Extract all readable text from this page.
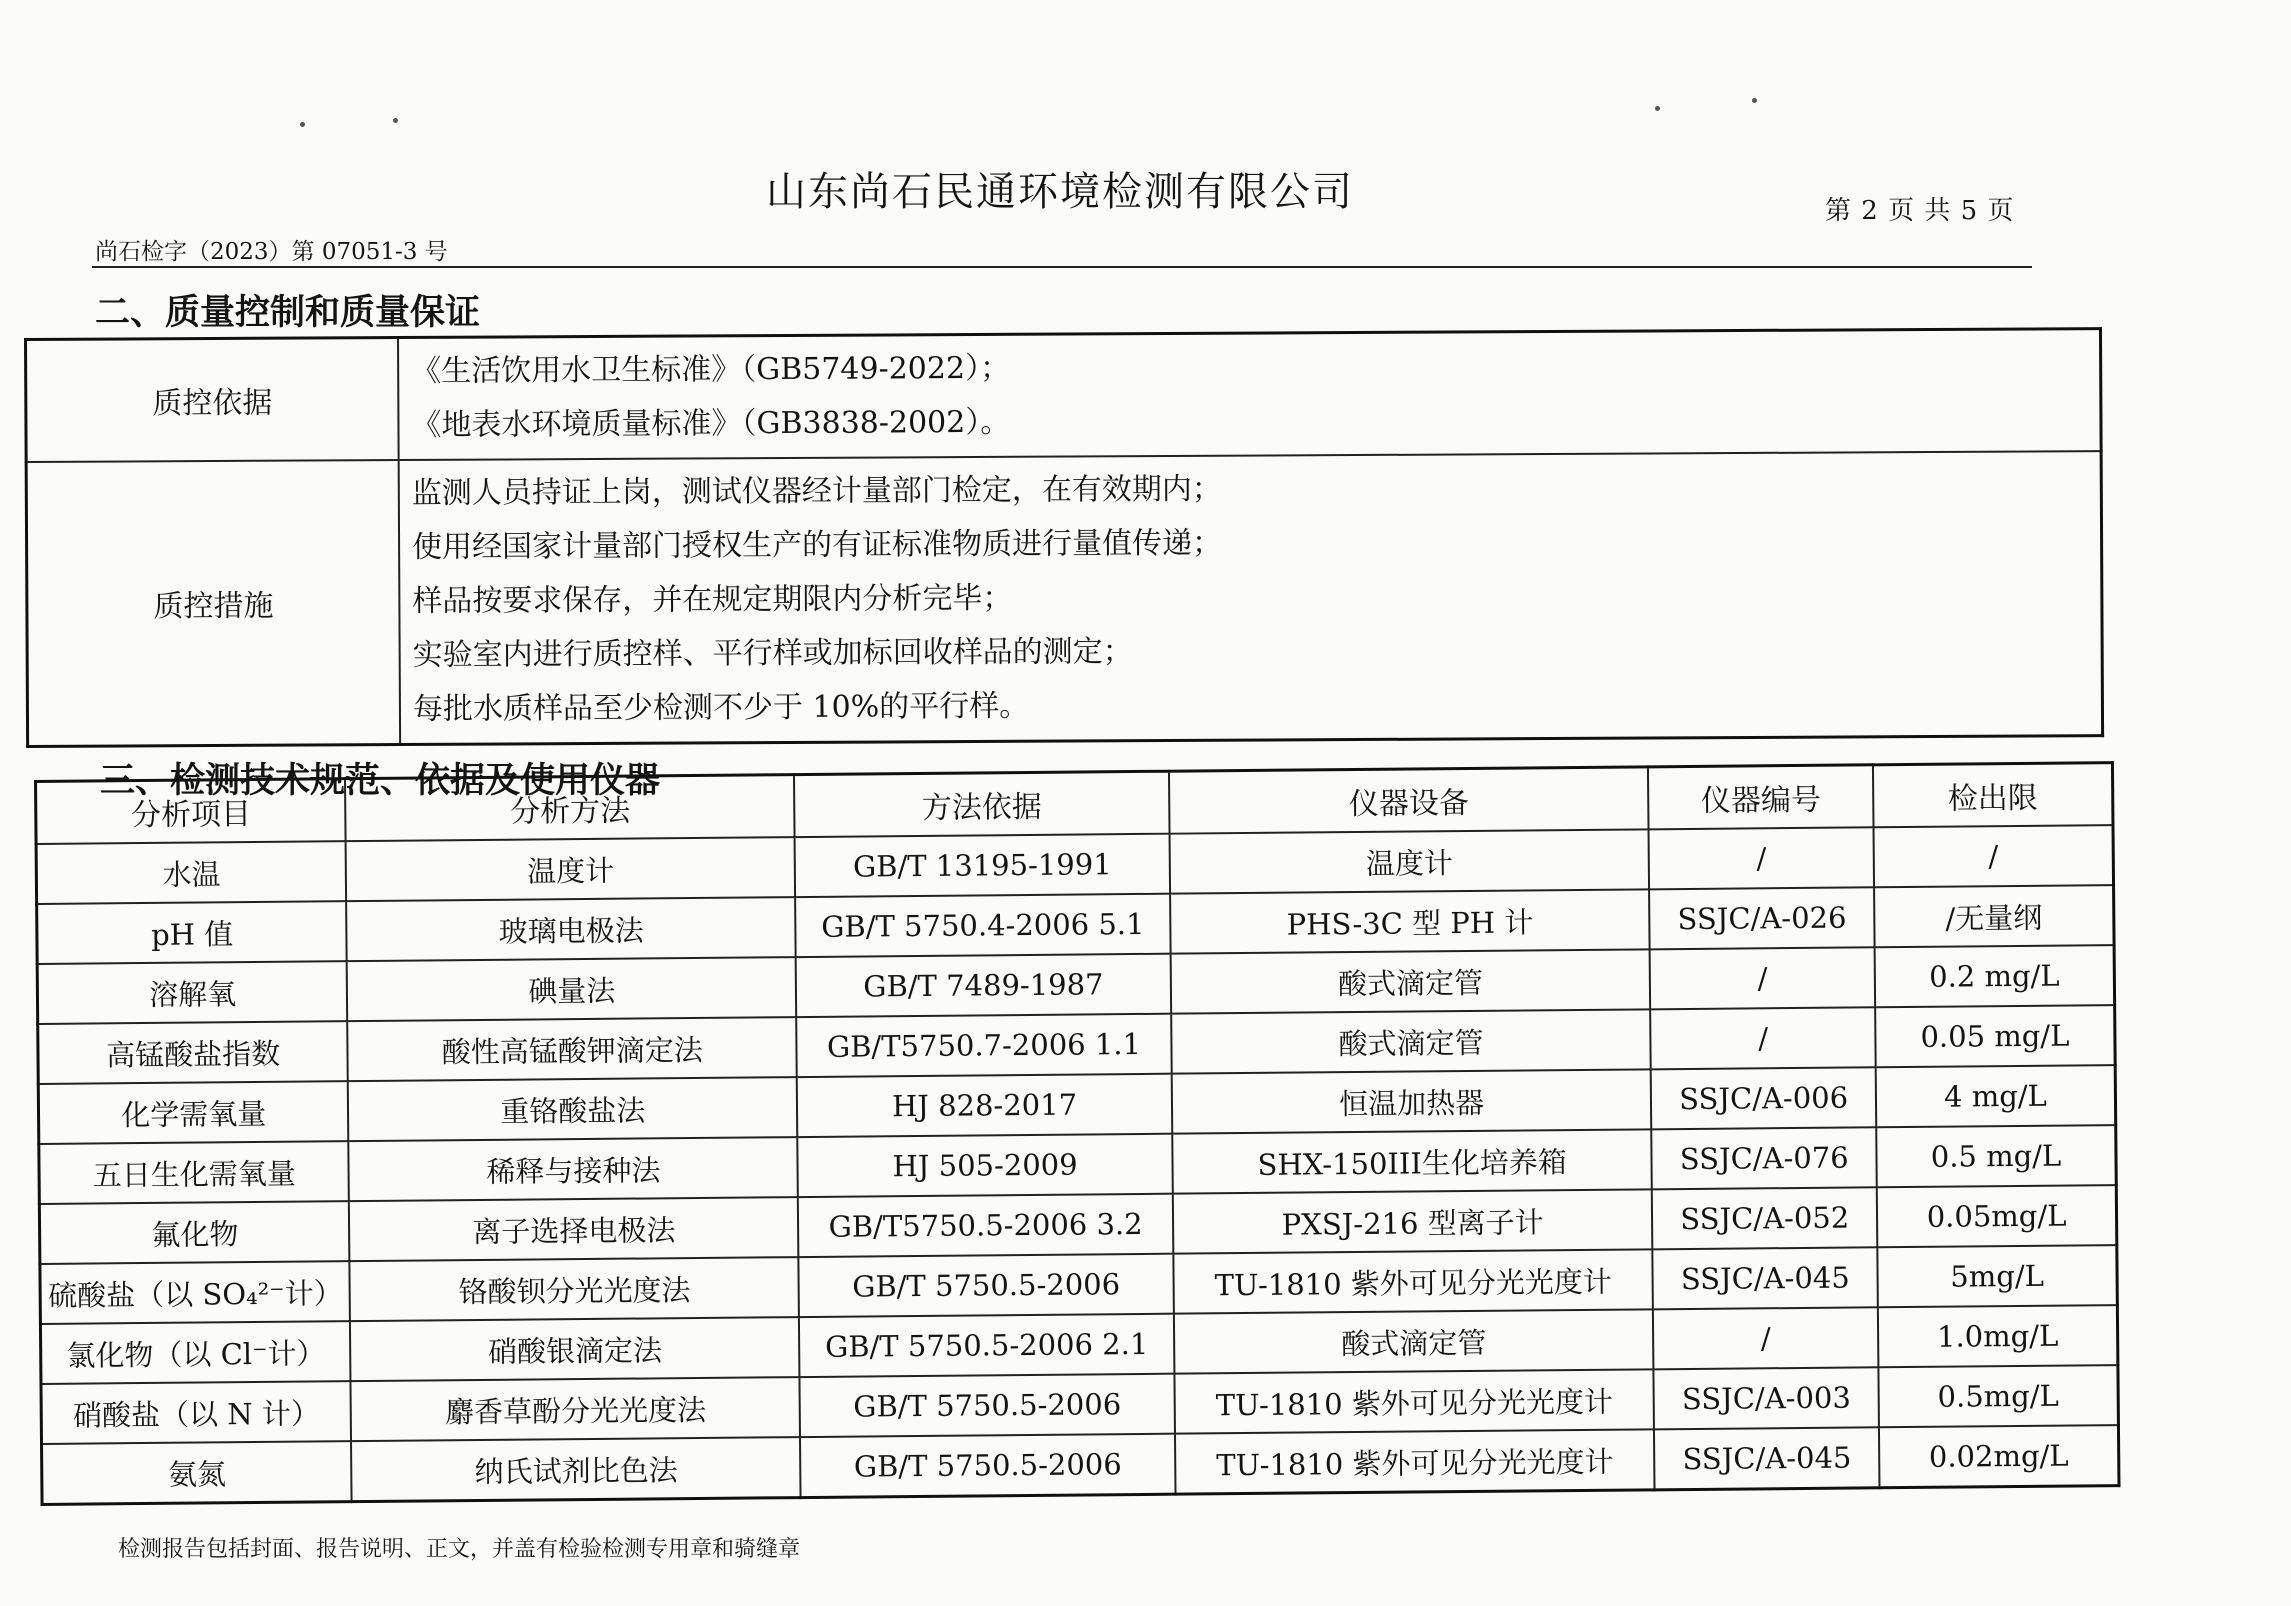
山东尚石民通环境检测有限公司	第 2 页 共 5 页
尚石检字（2023）第 07051-3 号
二、质量控制和质量保证
质控依据	《生活饮用水卫生标准》（GB5749-2022）；
《地表水环境质量标准》（GB3838-2002）。

质控措施	监测人员持证上岗，测试仪器经计量部门检定，在有效期内；
使用经国家计量部门授权生产的有证标准物质进行量值传递；
样品按要求保存，并在规定期限内分析完毕；
实验室内进行质控样、平行样或加标回收样品的测定；
每批水质样品至少检测不少于 10%的平行样。
三、检测技术规范、依据及使用仪器
分析项目	分析方法	方法依据	仪器设备	仪器编号	检出限
水温	温度计	GB/T 13195-1991	温度计	/	/
pH 值	玻璃电极法	GB/T 5750.4-2006 5.1	PHS-3C 型 PH 计	SSJC/A-026	/无量纲
溶解氧	碘量法	GB/T 7489-1987	酸式滴定管	/	0.2 mg/L
高锰酸盐指数	酸性高锰酸钾滴定法	GB/T5750.7-2006 1.1	酸式滴定管	/	0.05 mg/L
化学需氧量	重铬酸盐法	HJ 828-2017	恒温加热器	SSJC/A-006	4 mg/L
五日生化需氧量	稀释与接种法	HJ 505-2009	SHX-150III生化培养箱	SSJC/A-076	0.5 mg/L
氟化物	离子选择电极法	GB/T5750.5-2006 3.2	PXSJ-216 型离子计	SSJC/A-052	0.05mg/L
硫酸盐（以 SO₄²⁻计）	铬酸钡分光光度法	GB/T 5750.5-2006	TU-1810 紫外可见分光光度计	SSJC/A-045	5mg/L
氯化物（以 Cl⁻计）	硝酸银滴定法	GB/T 5750.5-2006 2.1	酸式滴定管	/	1.0mg/L
硝酸盐（以 N 计）	麝香草酚分光光度法	GB/T 5750.5-2006	TU-1810 紫外可见分光光度计	SSJC/A-003	0.5mg/L
氨氮	纳氏试剂比色法	GB/T 5750.5-2006	TU-1810 紫外可见分光光度计	SSJC/A-045	0.02mg/L
检测报告包括封面、报告说明、正文，并盖有检验检测专用章和骑缝章
